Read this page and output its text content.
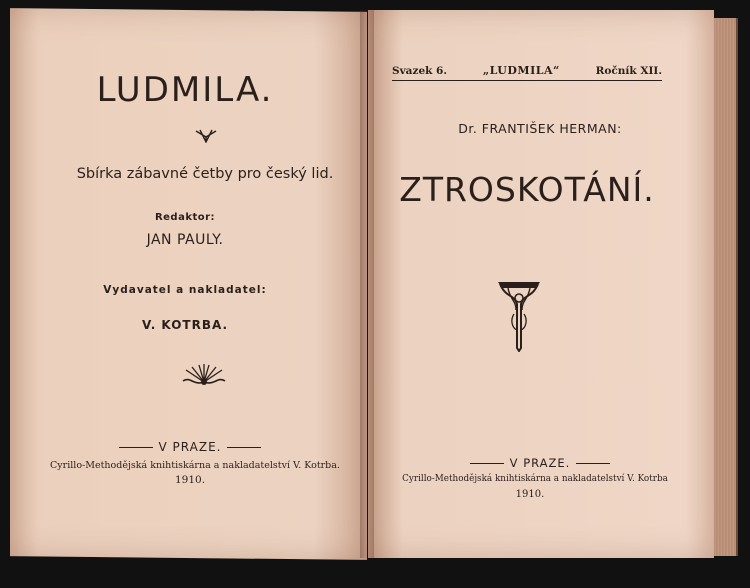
LUDMILA.
Sbírka zábavné četby pro český lid.
Redaktor:
JAN PAULY.
Vydavatel a nakladatel:
V. KOTRBA.
V PRAZE.
Cyrillo-Methodějská knihtiskárna a nakladatelství V. Kotrba.
1910.
Svazek 6.	„LUDMILA“	Ročník XII.
Dr. FRANTIŠEK HERMAN:
ZTROSKOTÁNÍ.
V PRAZE.
Cyrillo-Methodějská knihtiskárna a nakladatelství V. Kotrba
1910.
